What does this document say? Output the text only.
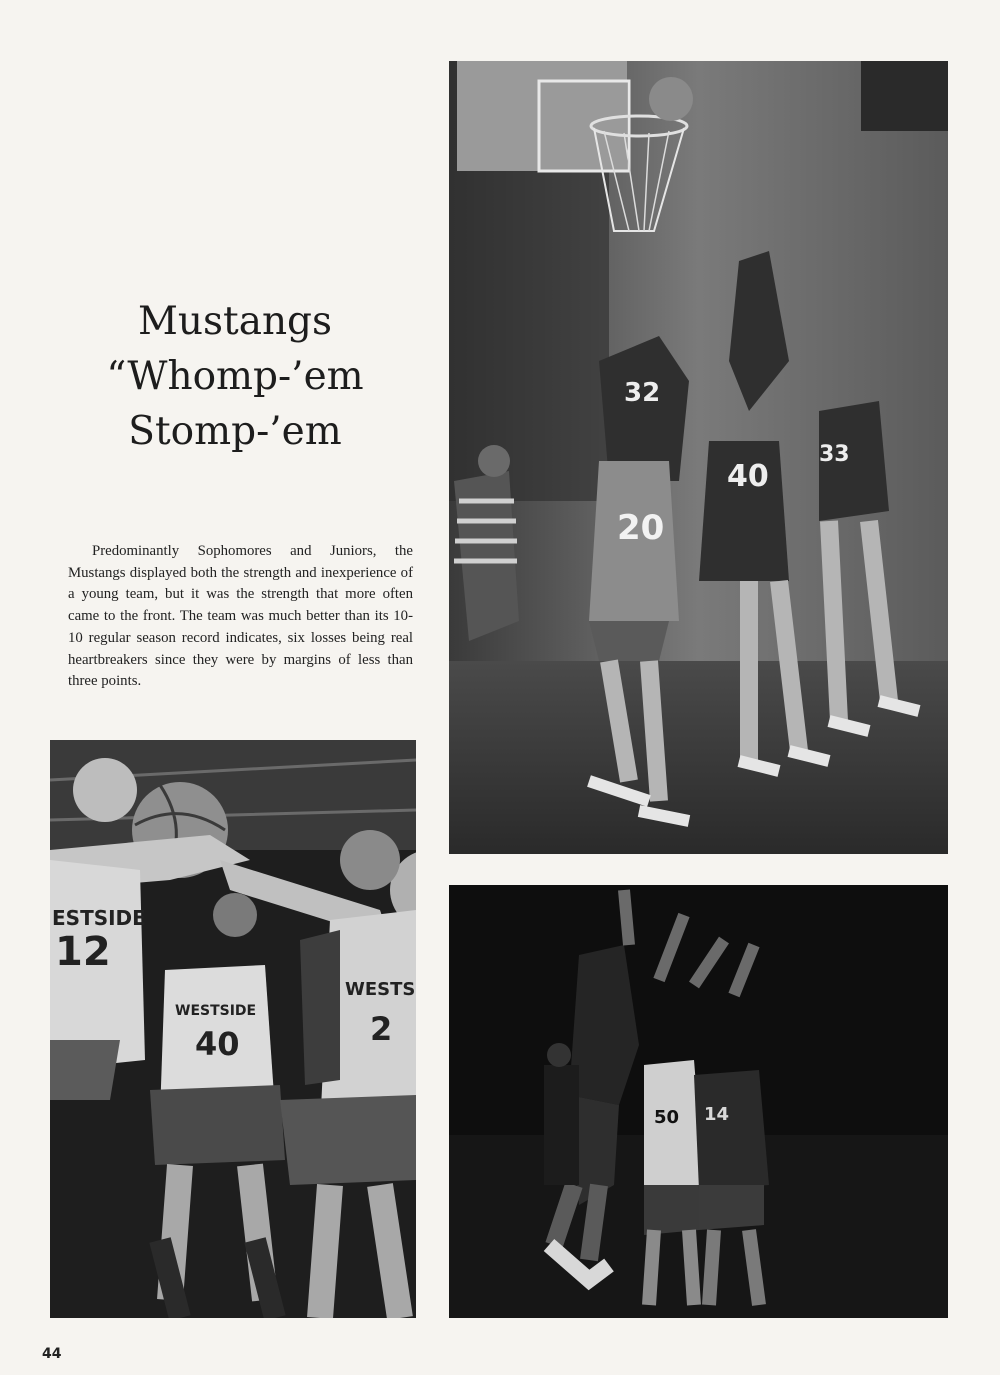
Mustangs
“Whomp-’em
Stomp-’em

Predominantly Sophomores and Juniors, the Mustangs displayed both the strength and inexperience of a young team, but it was the strength that more often came to the front. The team was much better than its 10-10 regular season record indicates, six losses being real heartbreakers since they were by margins of less than three points.

32
40
20
33
ESTSIDE
12
WESTSIDE
40
WESTS
2
50 14
44
